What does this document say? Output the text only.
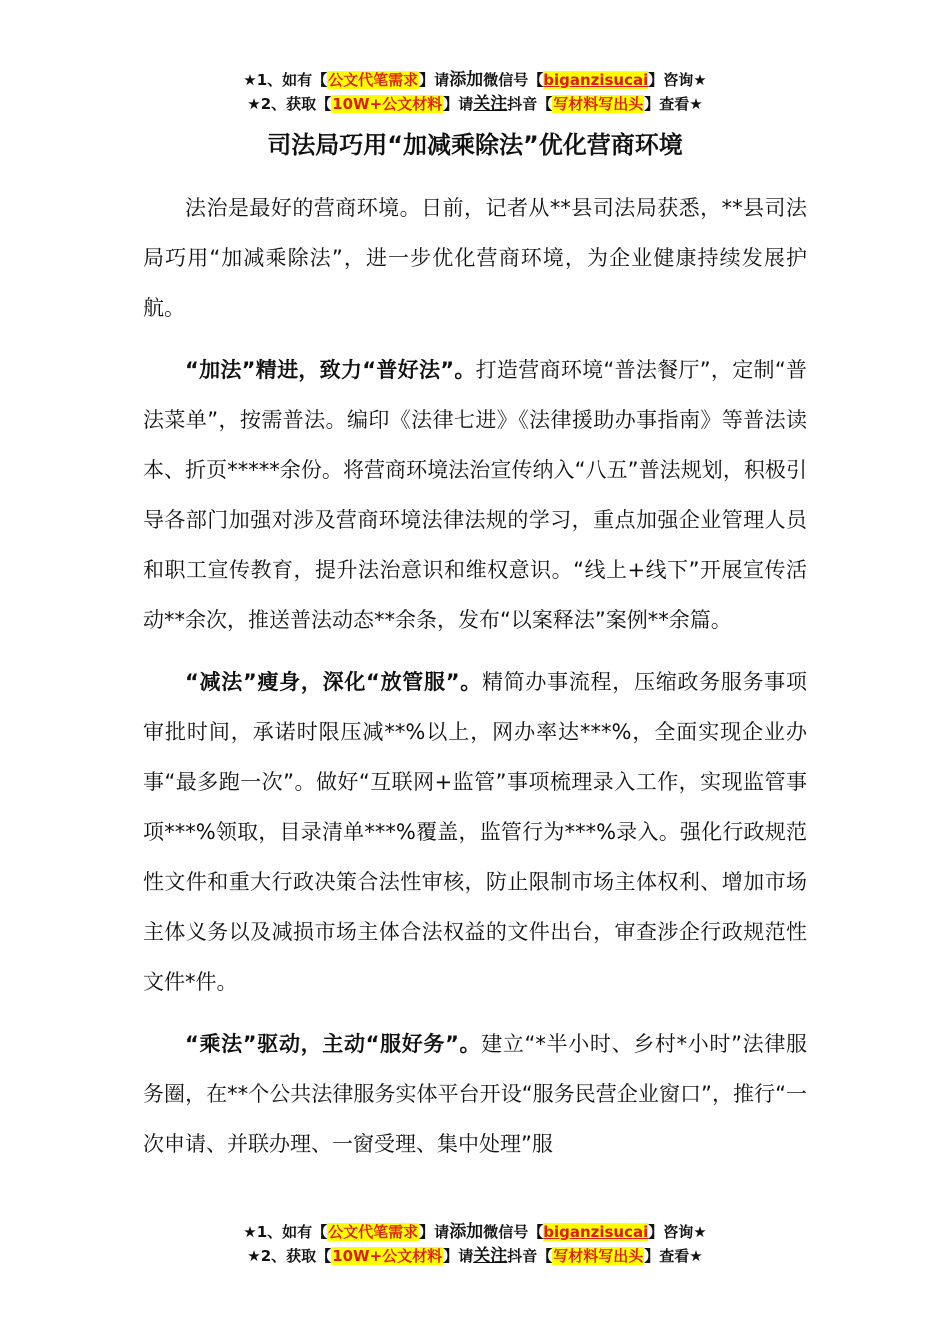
★1、如有【公文代笔需求】请添加微信号【biganzisucai】咨询★
★2、获取【10W+公文材料】请关注抖音【写材料写出头】查看★
司法局巧用“加减乘除法”优化营商环境

法治是最好的营商环境。日前，记者从**县司法局获悉，**县司法局巧用“加减乘除法”，进一步优化营商环境，为企业健康持续发展护航。

“加法”精进，致力“普好法”。打造营商环境“普法餐厅”，定制“普法菜单”，按需普法。编印《法律七进》《法律援助办事指南》等普法读本、折页*****余份。将营商环境法治宣传纳入“八五”普法规划，积极引导各部门加强对涉及营商环境法律法规的学习，重点加强企业管理人员和职工宣传教育，提升法治意识和维权意识。“线上+线下”开展宣传活动**余次，推送普法动态**余条，发布“以案释法”案例**余篇。

“减法”瘦身，深化“放管服”。精简办事流程，压缩政务服务事项审批时间，承诺时限压减**%以上，网办率达***%，全面实现企业办事“最多跑一次”。做好“互联网+监管”事项梳理录入工作，实现监管事项***%领取，目录清单***%覆盖，监管行为***%录入。强化行政规范性文件和重大行政决策合法性审核，防止限制市场主体权利、增加市场主体义务以及减损市场主体合法权益的文件出台，审查涉企行政规范性文件*件。

“乘法”驱动，主动“服好务”。建立“*半小时、乡村*小时”法律服务圈，在**个公共法律服务实体平台开设“服务民营企业窗口”，推行“一次申请、并联办理、一窗受理、集中处理”服

★1、如有【公文代笔需求】请添加微信号【biganzisucai】咨询★
★2、获取【10W+公文材料】请关注抖音【写材料写出头】查看★
